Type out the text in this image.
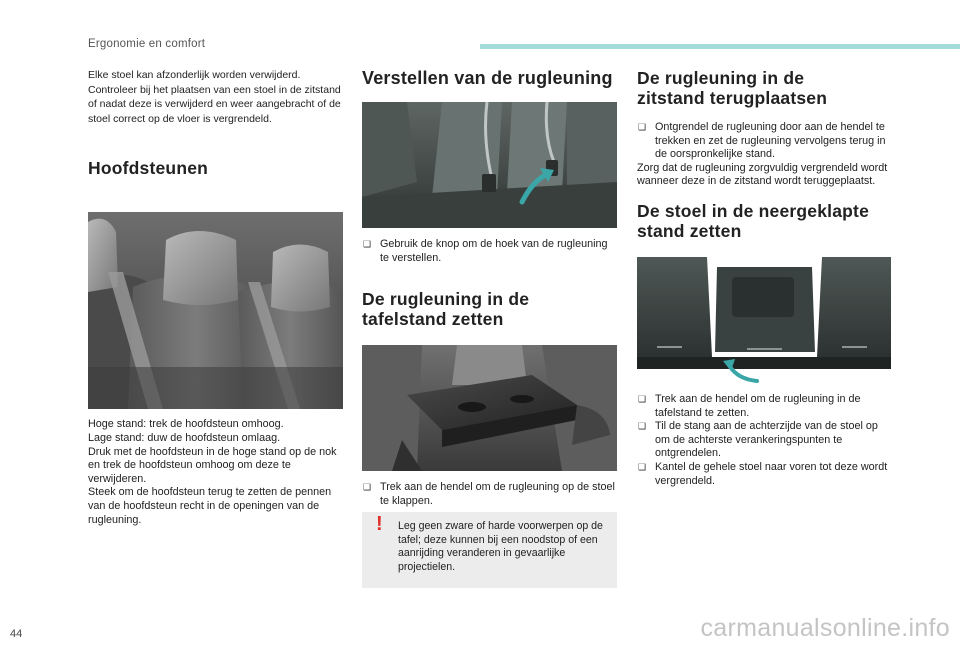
Ergonomie en comfort

Elke stoel kan afzonderlijk worden verwijderd. Controleer bij het plaatsen van een stoel in de zitstand of nadat deze is verwijderd en weer aangebracht of de stoel correct op de vloer is vergrendeld.

Hoofdsteunen

Hoge stand: trek de hoofdsteun omhoog.

Lage stand: duw de hoofdsteun omlaag.

Druk met de hoofdsteun in de hoge stand op de nok en trek de hoofdsteun omhoog om deze te verwijderen.

Steek om de hoofdsteun terug te zetten de pennen van de hoofdsteun recht in de openingen van de rugleuning.

Verstellen van de rugleuning
❑ Gebruik de knop om de hoek van de rugleuning te verstellen.
De rugleuning in de
tafelstand zetten
❑ Trek aan de hendel om de rugleuning op de stoel te klappen.
! Leg geen zware of harde voorwerpen op de tafel; deze kunnen bij een noodstop of een aanrijding veranderen in gevaarlijke projectielen.
De rugleuning in de
zitstand terugplaatsen
❑ Ontgrendel de rugleuning door aan de hendel te trekken en zet de rugleuning vervolgens terug in de oorspronkelijke stand.

Zorg dat de rugleuning zorgvuldig vergrendeld wordt wanneer deze in de zitstand wordt teruggeplaatst.

De stoel in de neergeklapte
stand zetten
❑ Trek aan de hendel om de rugleuning in de tafelstand te zetten.
❑ Til de stang aan de achterzijde van de stoel op om de achterste verankeringspunten te ontgrendelen.
❑ Kantel de gehele stoel naar voren tot deze wordt vergrendeld.
44	carmanualsonline.info
